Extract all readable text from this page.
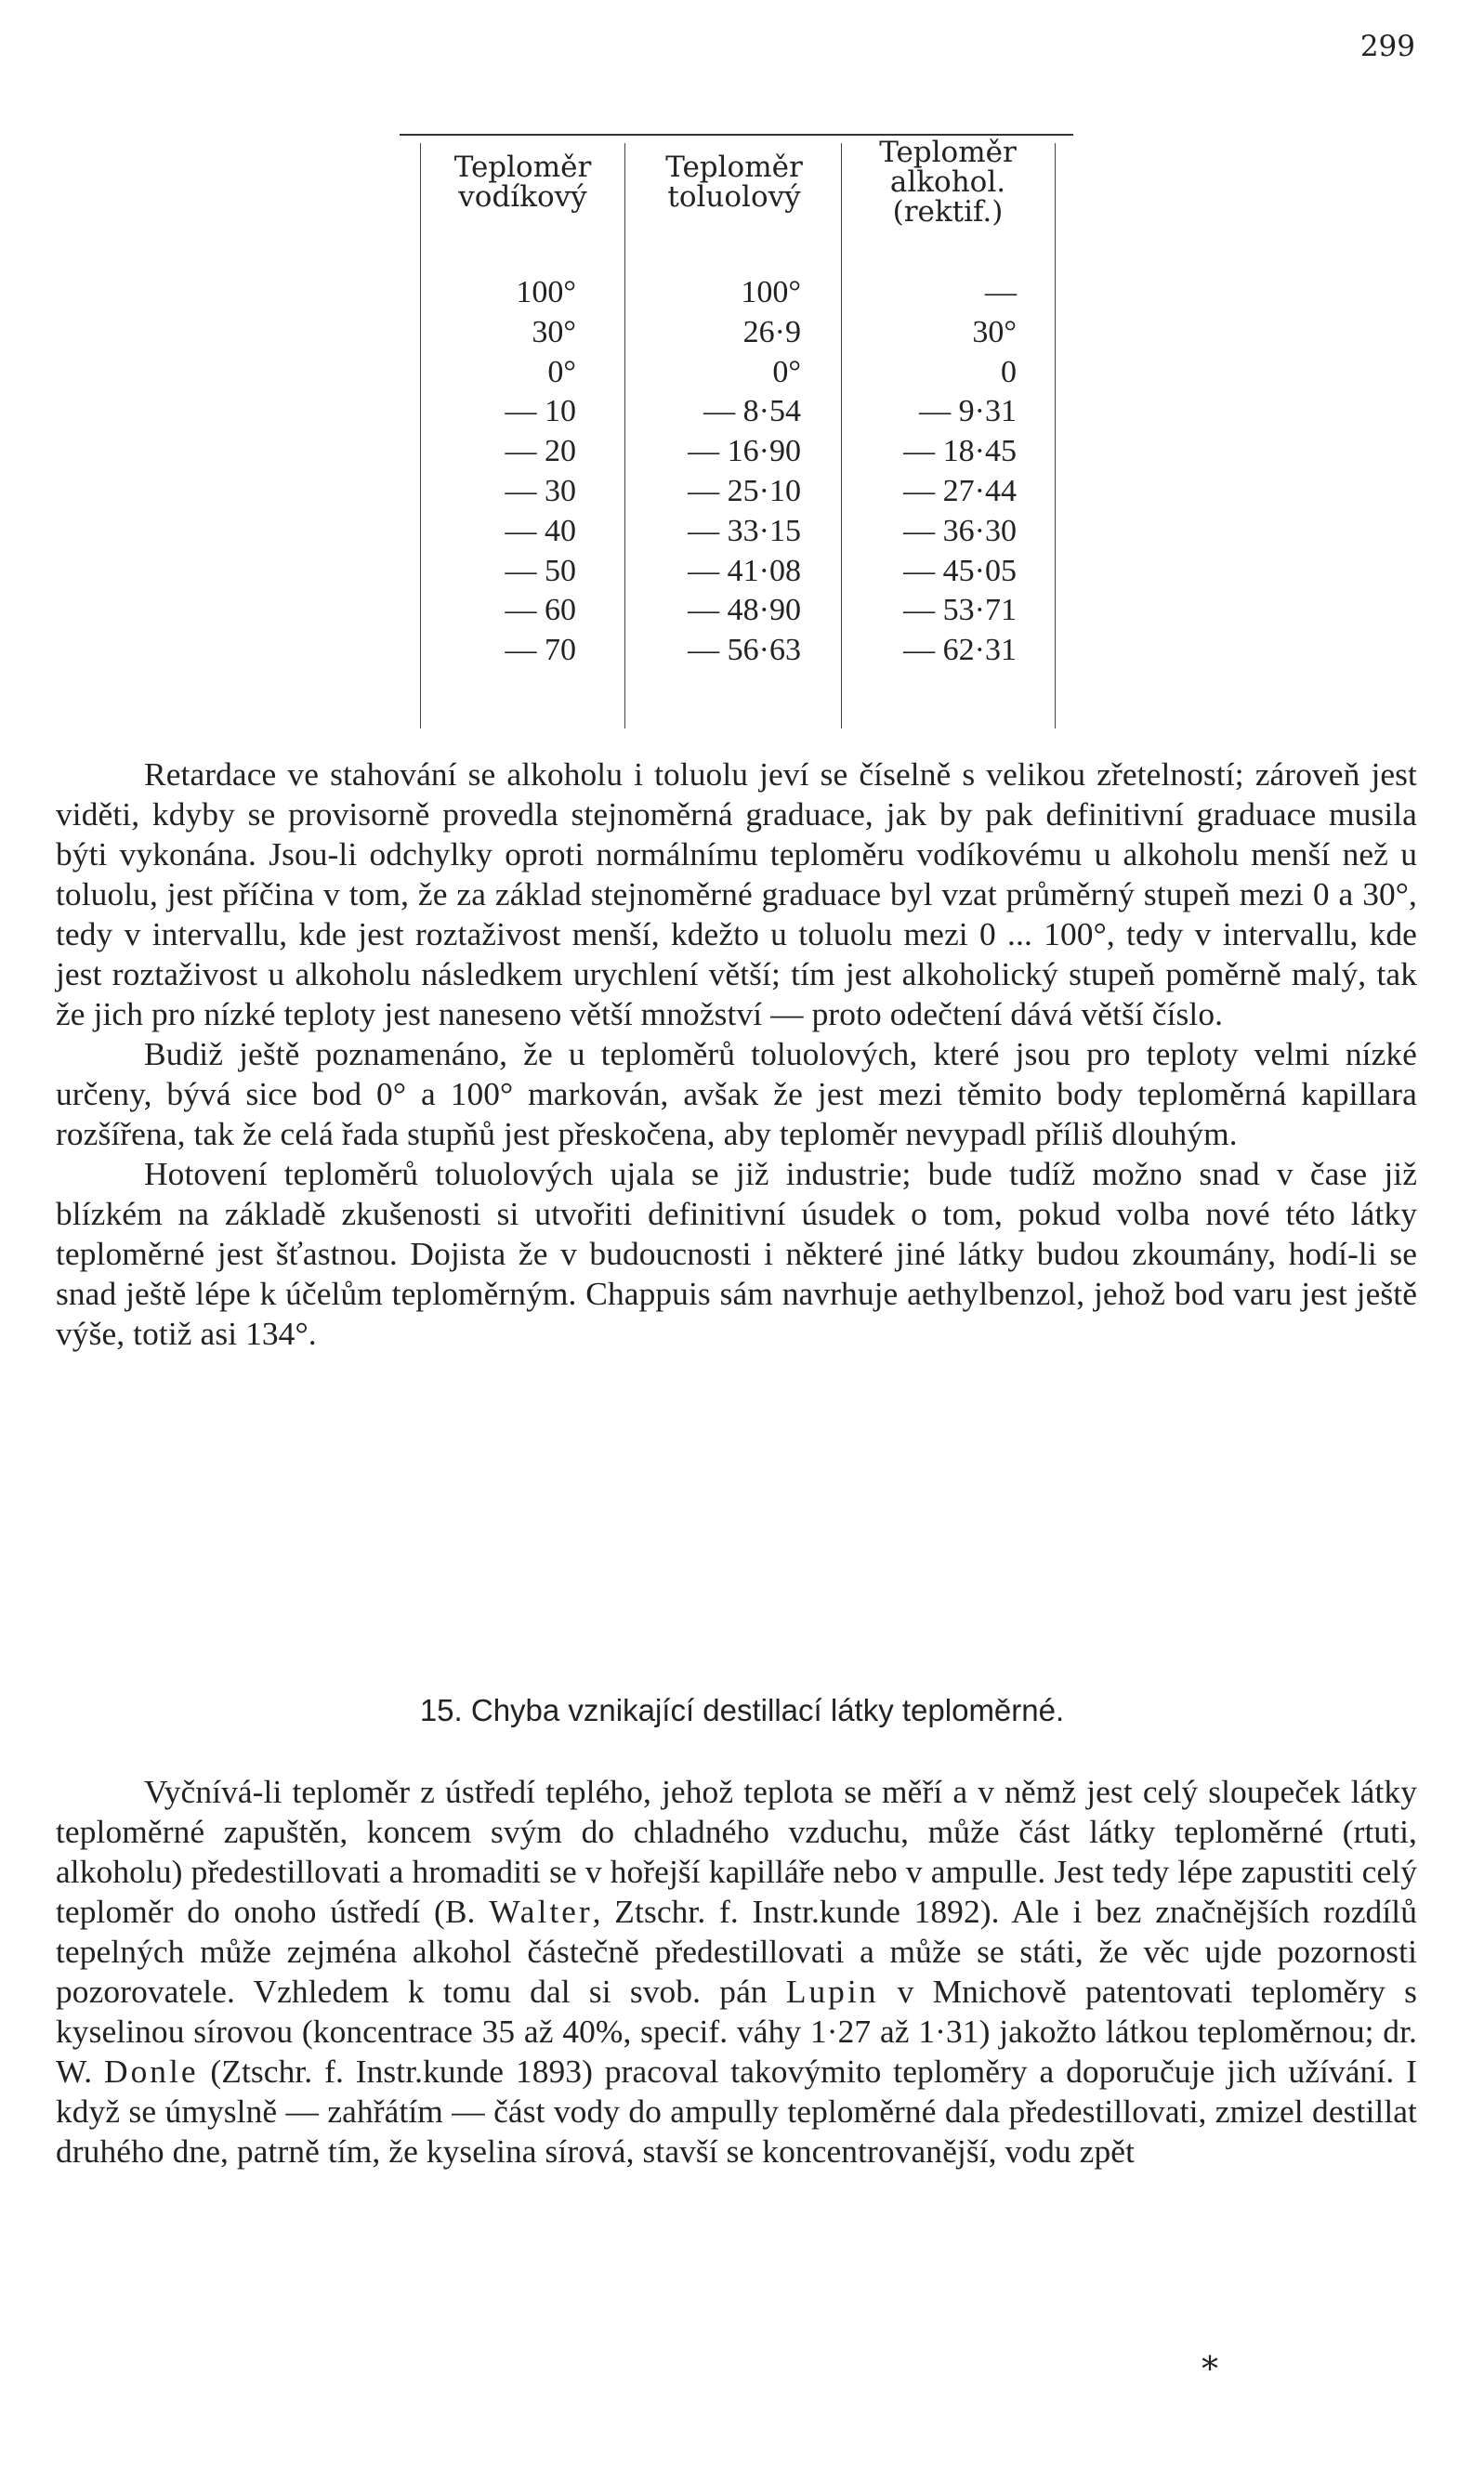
299
Teploměr vodíkový
Teploměr toluolový
Teploměr alkohol. (rektif.)
100°
30°
0°
— 10
— 20
— 30
— 40
— 50
— 60
— 70
100°
26·9
0°
— 8·54
— 16·90
— 25·10
— 33·15
— 41·08
— 48·90
— 56·63
—
30°
0
— 9·31
— 18·45
— 27·44
— 36·30
— 45·05
— 53·71
— 62·31

Retardace ve stahování se alkoholu i toluolu jeví se číselně s velikou zřetelností; zároveň jest viděti, kdyby se provisorně provedla stejnoměrná graduace, jak by pak definitivní graduace musila býti vykonána. Jsou-li odchylky oproti normálnímu teploměru vodíkovému u alkoholu menší než u toluolu, jest příčina v tom, že za základ stejnoměrné graduace byl vzat průměrný stupeň mezi 0 a 30°, tedy v intervallu, kde jest roztaživost menší, kdežto u toluolu mezi 0 ... 100°, tedy v intervallu, kde jest roztaživost u alkoholu následkem urychlení větší; tím jest alkoholický stupeň poměrně malý, tak že jich pro nízké teploty jest naneseno větší množství — proto odečtení dává větší číslo.

Budiž ještě poznamenáno, že u teploměrů toluolových, které jsou pro teploty velmi nízké určeny, bývá sice bod 0° a 100° markován, avšak že jest mezi těmito body teploměrná kapillara rozšířena, tak že celá řada stupňů jest přeskočena, aby teploměr nevypadl příliš dlouhým.

Hotovení teploměrů toluolových ujala se již industrie; bude tudíž možno snad v čase již blízkém na základě zkušenosti si utvořiti definitivní úsudek o tom, pokud volba nové této látky teploměrné jest šťastnou. Dojista že v budoucnosti i některé jiné látky budou zkoumány, hodí-li se snad ještě lépe k účelům teploměrným. Chappuis sám navrhuje aethylbenzol, jehož bod varu jest ještě výše, totiž asi 134°.

15. Chyba vznikající destillací látky teploměrné.

Vyčnívá-li teploměr z ústředí teplého, jehož teplota se měří a v němž jest celý sloupeček látky teploměrné zapuštěn, koncem svým do chladného vzduchu, může část látky teploměrné (rtuti, alkoholu) předestillovati a hromaditi se v hořejší kapilláře nebo v ampulle. Jest tedy lépe zapustiti celý teploměr do onoho ústředí (B. Walter, Ztschr. f. Instr.kunde 1892). Ale i bez značnějších rozdílů tepelných může zejména alkohol částečně předestillovati a může se státi, že věc ujde pozornosti pozorovatele. Vzhledem k tomu dal si svob. pán Lupin v Mnichově patentovati teploměry s kyselinou sírovou (koncentrace 35 až 40%, specif. váhy 1·27 až 1·31) jakožto látkou teploměrnou; dr. W. Donle (Ztschr. f. Instr.kunde 1893) pracoval takovýmito teploměry a doporučuje jich užívání. I když se úmyslně — zahřátím — část vody do ampully teploměrné dala předestillovati, zmizel destillat druhého dne, patrně tím, že kyselina sírová, stavší se koncentrovanější, vodu zpět

*
